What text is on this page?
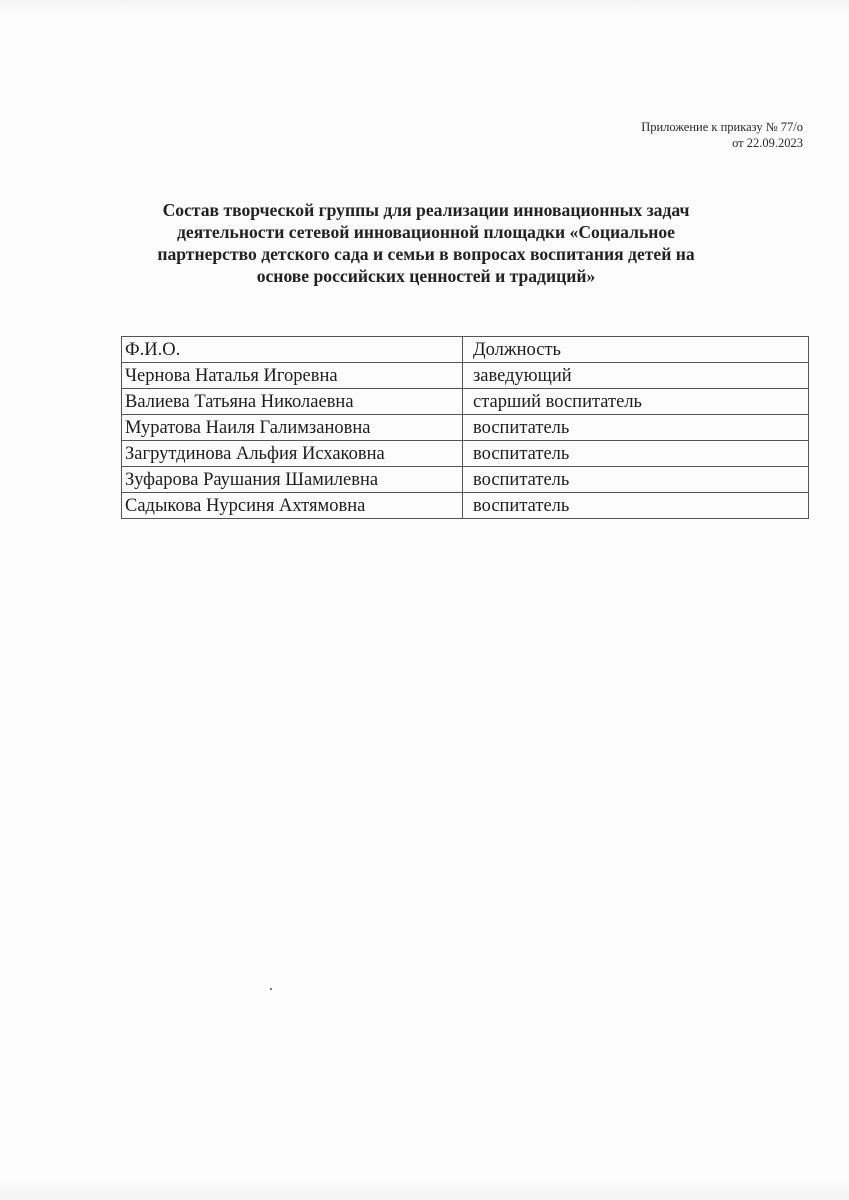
Приложение к приказу № 77/о
от 22.09.2023
Состав творческой группы для реализации инновационных задач
деятельности сетевой инновационной площадки «Социальное
партнерство детского сада и семьи в вопросах воспитания детей на
основе российских ценностей и традиций»
Ф.И.О.	Должность
Чернова Наталья Игоревна	заведующий
Валиева Татьяна Николаевна	старший воспитатель
Муратова Наиля Галимзановна	воспитатель
Загрутдинова Альфия Исхаковна	воспитатель
Зуфарова Раушания Шамилевна	воспитатель
Садыкова Нурсиня Ахтямовна	воспитатель
